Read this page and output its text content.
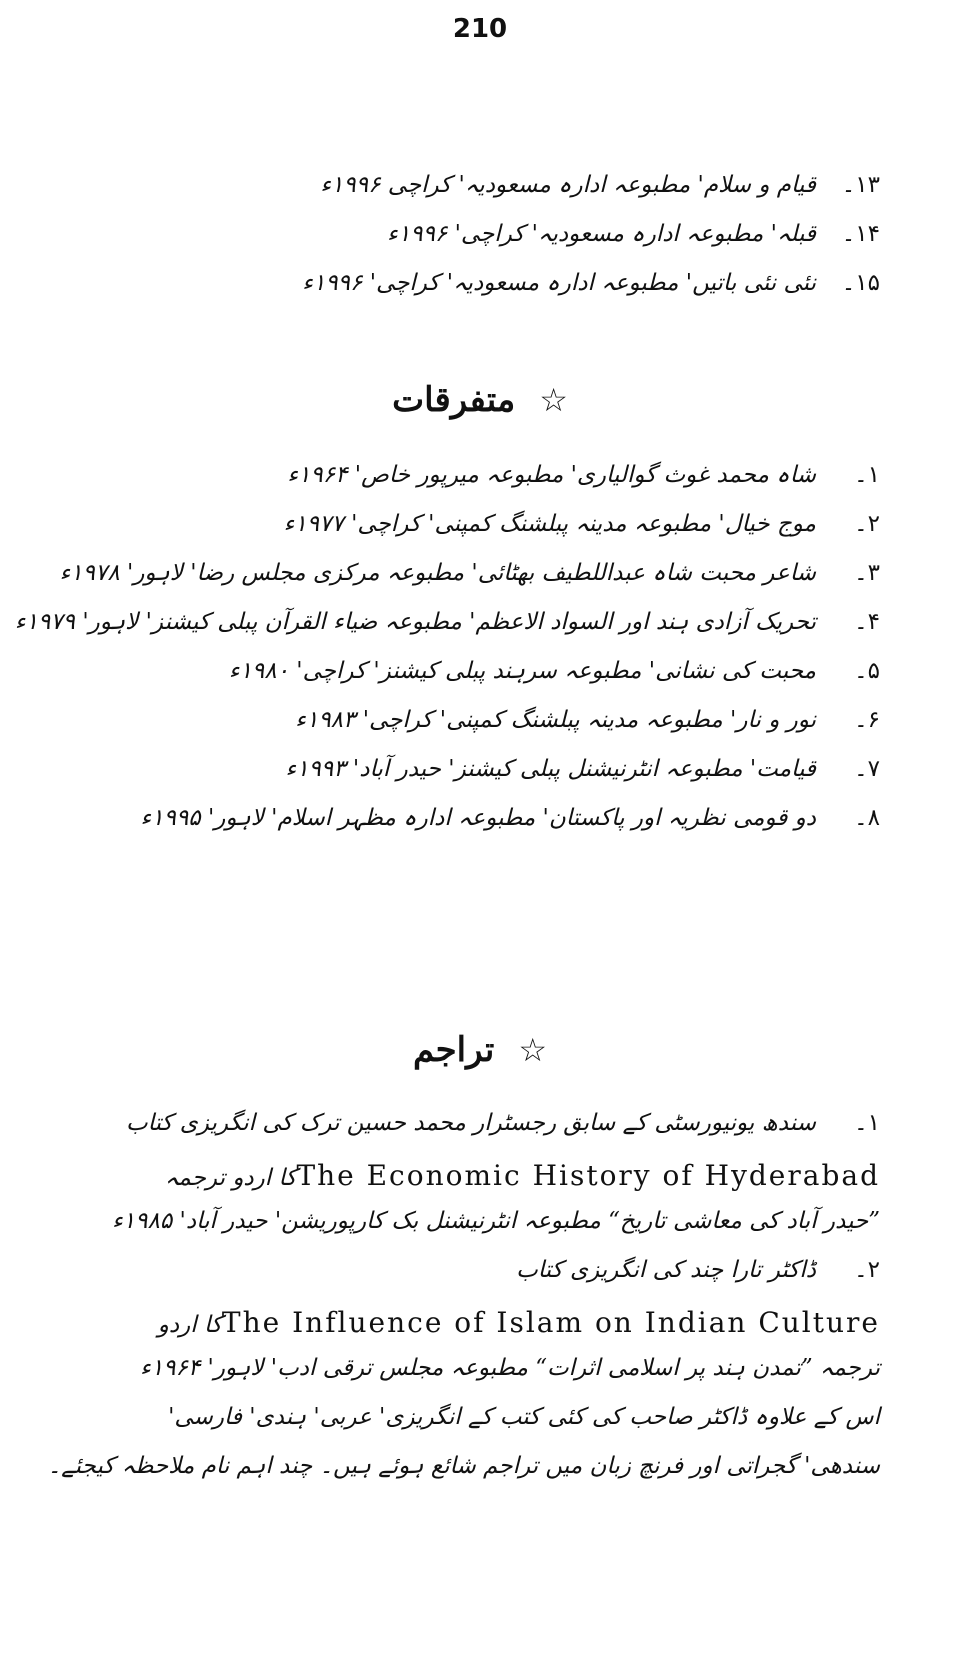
210
۱۳۔
قیام و سلام' مطبوعہ ادارہ مسعودیہ' کراچی ۱۹۹۶ء
۱۴۔
قبلہ' مطبوعہ ادارہ مسعودیہ' کراچی' ۱۹۹۶ء
۱۵۔
نئی نئی باتیں' مطبوعہ ادارہ مسعودیہ' کراچی' ۱۹۹۶ء
☆متفرقات
۱۔
شاہ محمد غوث گوالیاری' مطبوعہ میرپور خاص' ۱۹۶۴ء
۲۔
موج خیال' مطبوعہ مدینہ پبلشنگ کمپنی' کراچی' ۱۹۷۷ء
۳۔
شاعر محبت شاہ عبداللطیف بھٹائی' مطبوعہ مرکزی مجلس رضا' لاہور' ۱۹۷۸ء
۴۔
تحریک آزادی ہند اور السواد الاعظم' مطبوعہ ضیاء القرآن پبلی کیشنز' لاہور' ۱۹۷۹ء
۵۔
محبت کی نشانی' مطبوعہ سرہند پبلی کیشنز' کراچی' ۱۹۸۰ء
۶۔
نور و نار' مطبوعہ مدینہ پبلشنگ کمپنی' کراچی' ۱۹۸۳ء
۷۔
قیامت' مطبوعہ انٹرنیشنل پبلی کیشنز' حیدر آباد' ۱۹۹۳ء
۸۔
دو قومی نظریہ اور پاکستان' مطبوعہ ادارہ مظہر اسلام' لاہور' ۱۹۹۵ء
☆تراجم
۱۔
سندھ یونیورسٹی کے سابق رجسٹرار محمد حسین ترک کی انگریزی کتاب
The Economic History of Hyderabadکا اردو ترجمہ
”حیدر آباد کی معاشی تاریخ“ مطبوعہ انٹرنیشنل بک کارپوریشن' حیدر آباد' ۱۹۸۵ء
۲۔
ڈاکٹر تارا چند کی انگریزی کتاب
The Influence of Islam on Indian Cultureکا اردو
ترجمہ ”تمدن ہند پر اسلامی اثرات“ مطبوعہ مجلس ترقی ادب' لاہور' ۱۹۶۴ء
اس کے علاوہ ڈاکٹر صاحب کی کئی کتب کے انگریزی' عربی' ہندی' فارسی'
سندھی' گجراتی اور فرنچ زبان میں تراجم شائع ہوئے ہیں۔ چند اہم نام ملاحظہ کیجئے۔
